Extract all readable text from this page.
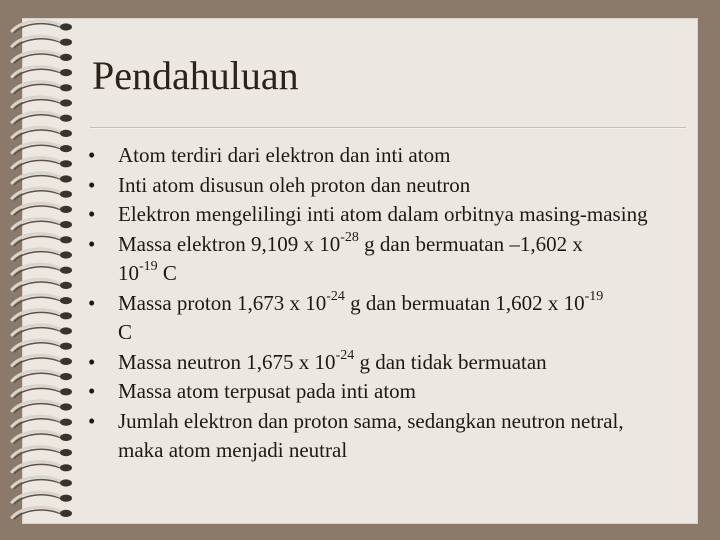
Pendahuluan
• Atom terdiri dari elektron dan inti atom
• Inti atom disusun oleh proton dan neutron
• Elektron mengelilingi inti atom dalam orbitnya masing-masing
• Massa elektron 9,109 x $10^{-28}$ g dan bermuatan –1,602 x
$10^{-19}$ C
• Massa proton 1,673 x $10^{-24}$ g dan bermuatan 1,602 x $10^{-19}$
C
• Massa neutron 1,675 x $10^{-24}$ g dan tidak bermuatan
• Massa atom terpusat pada inti atom
• Jumlah elektron dan proton sama, sedangkan neutron netral, maka atom menjadi neutral
